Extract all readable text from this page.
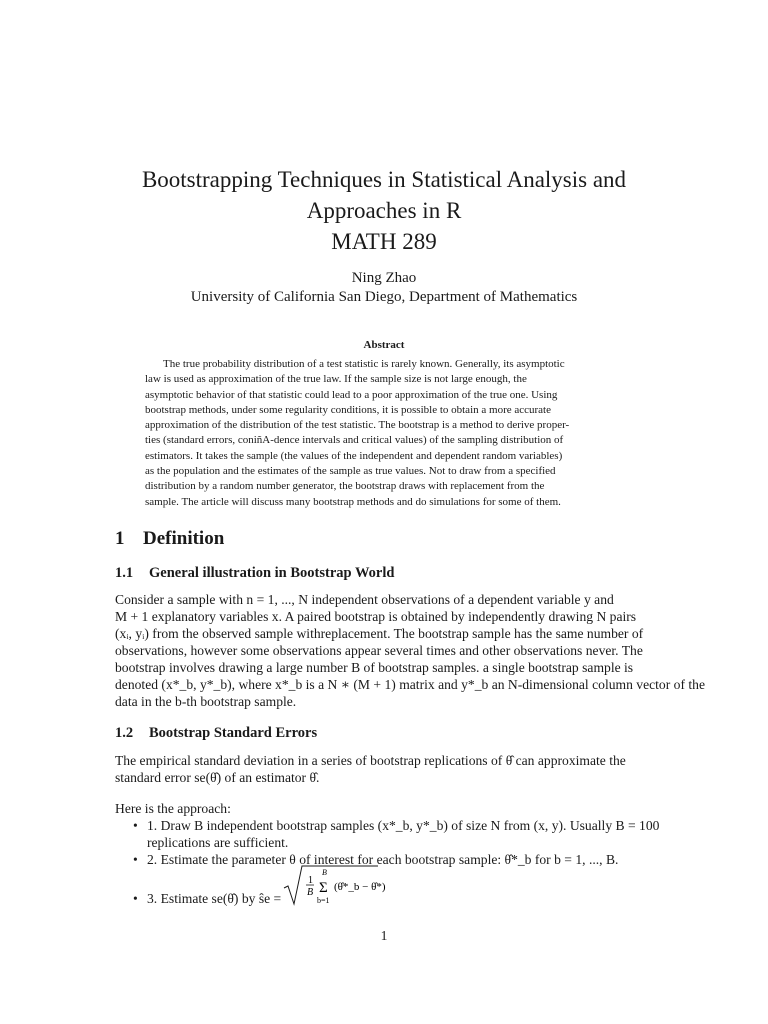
Bootstrapping Techniques in Statistical Analysis and
Approaches in R
MATH 289
Ning Zhao
University of California San Diego, Department of Mathematics
Abstract
The true probability distribution of a test statistic is rarely known. Generally, its asymptotic
law is used as approximation of the true law. If the sample size is not large enough, the
asymptotic behavior of that statistic could lead to a poor approximation of the true one. Using
bootstrap methods, under some regularity conditions, it is possible to obtain a more accurate
approximation of the distribution of the test statistic. The bootstrap is a method to derive proper-
ties (standard errors, coniñA-dence intervals and critical values) of the sampling distribution of
estimators. It takes the sample (the values of the independent and dependent random variables)
as the population and the estimates of the sample as true values. Not to draw from a specified
distribution by a random number generator, the bootstrap draws with replacement from the
sample. The article will discuss many bootstrap methods and do simulations for some of them.
1 Definition
1.1 General illustration in Bootstrap World
Consider a sample with n = 1, ..., N independent observations of a dependent variable y and
M + 1 explanatory variables x. A paired bootstrap is obtained by independently drawing N pairs
(xᵢ, yᵢ) from the observed sample withreplacement. The bootstrap sample has the same number of
observations, however some observations appear several times and other observations never. The
bootstrap involves drawing a large number B of bootstrap samples. a single bootstrap sample is
denoted (x*_b, y*_b), where x*_b is a N ∗ (M + 1) matrix and y*_b an N-dimensional column vector of the
data in the b-th bootstrap sample.
1.2 Bootstrap Standard Errors
The empirical standard deviation in a series of bootstrap replications of θ̂ can approximate the
standard error se(θ̂) of an estimator θ̂.
Here is the approach:
• 1. Draw B independent bootstrap samples (x*_b, y*_b) of size N from (x, y). Usually B = 100
replications are sufficient.
• 2. Estimate the parameter θ of interest for each bootstrap sample: θ̂*_b for b = 1, ..., B.
• 3. Estimate se(θ̂) by ŝe =
1
B
B
Σ
b=1
(θ̂*_b − θ̂*)
1
